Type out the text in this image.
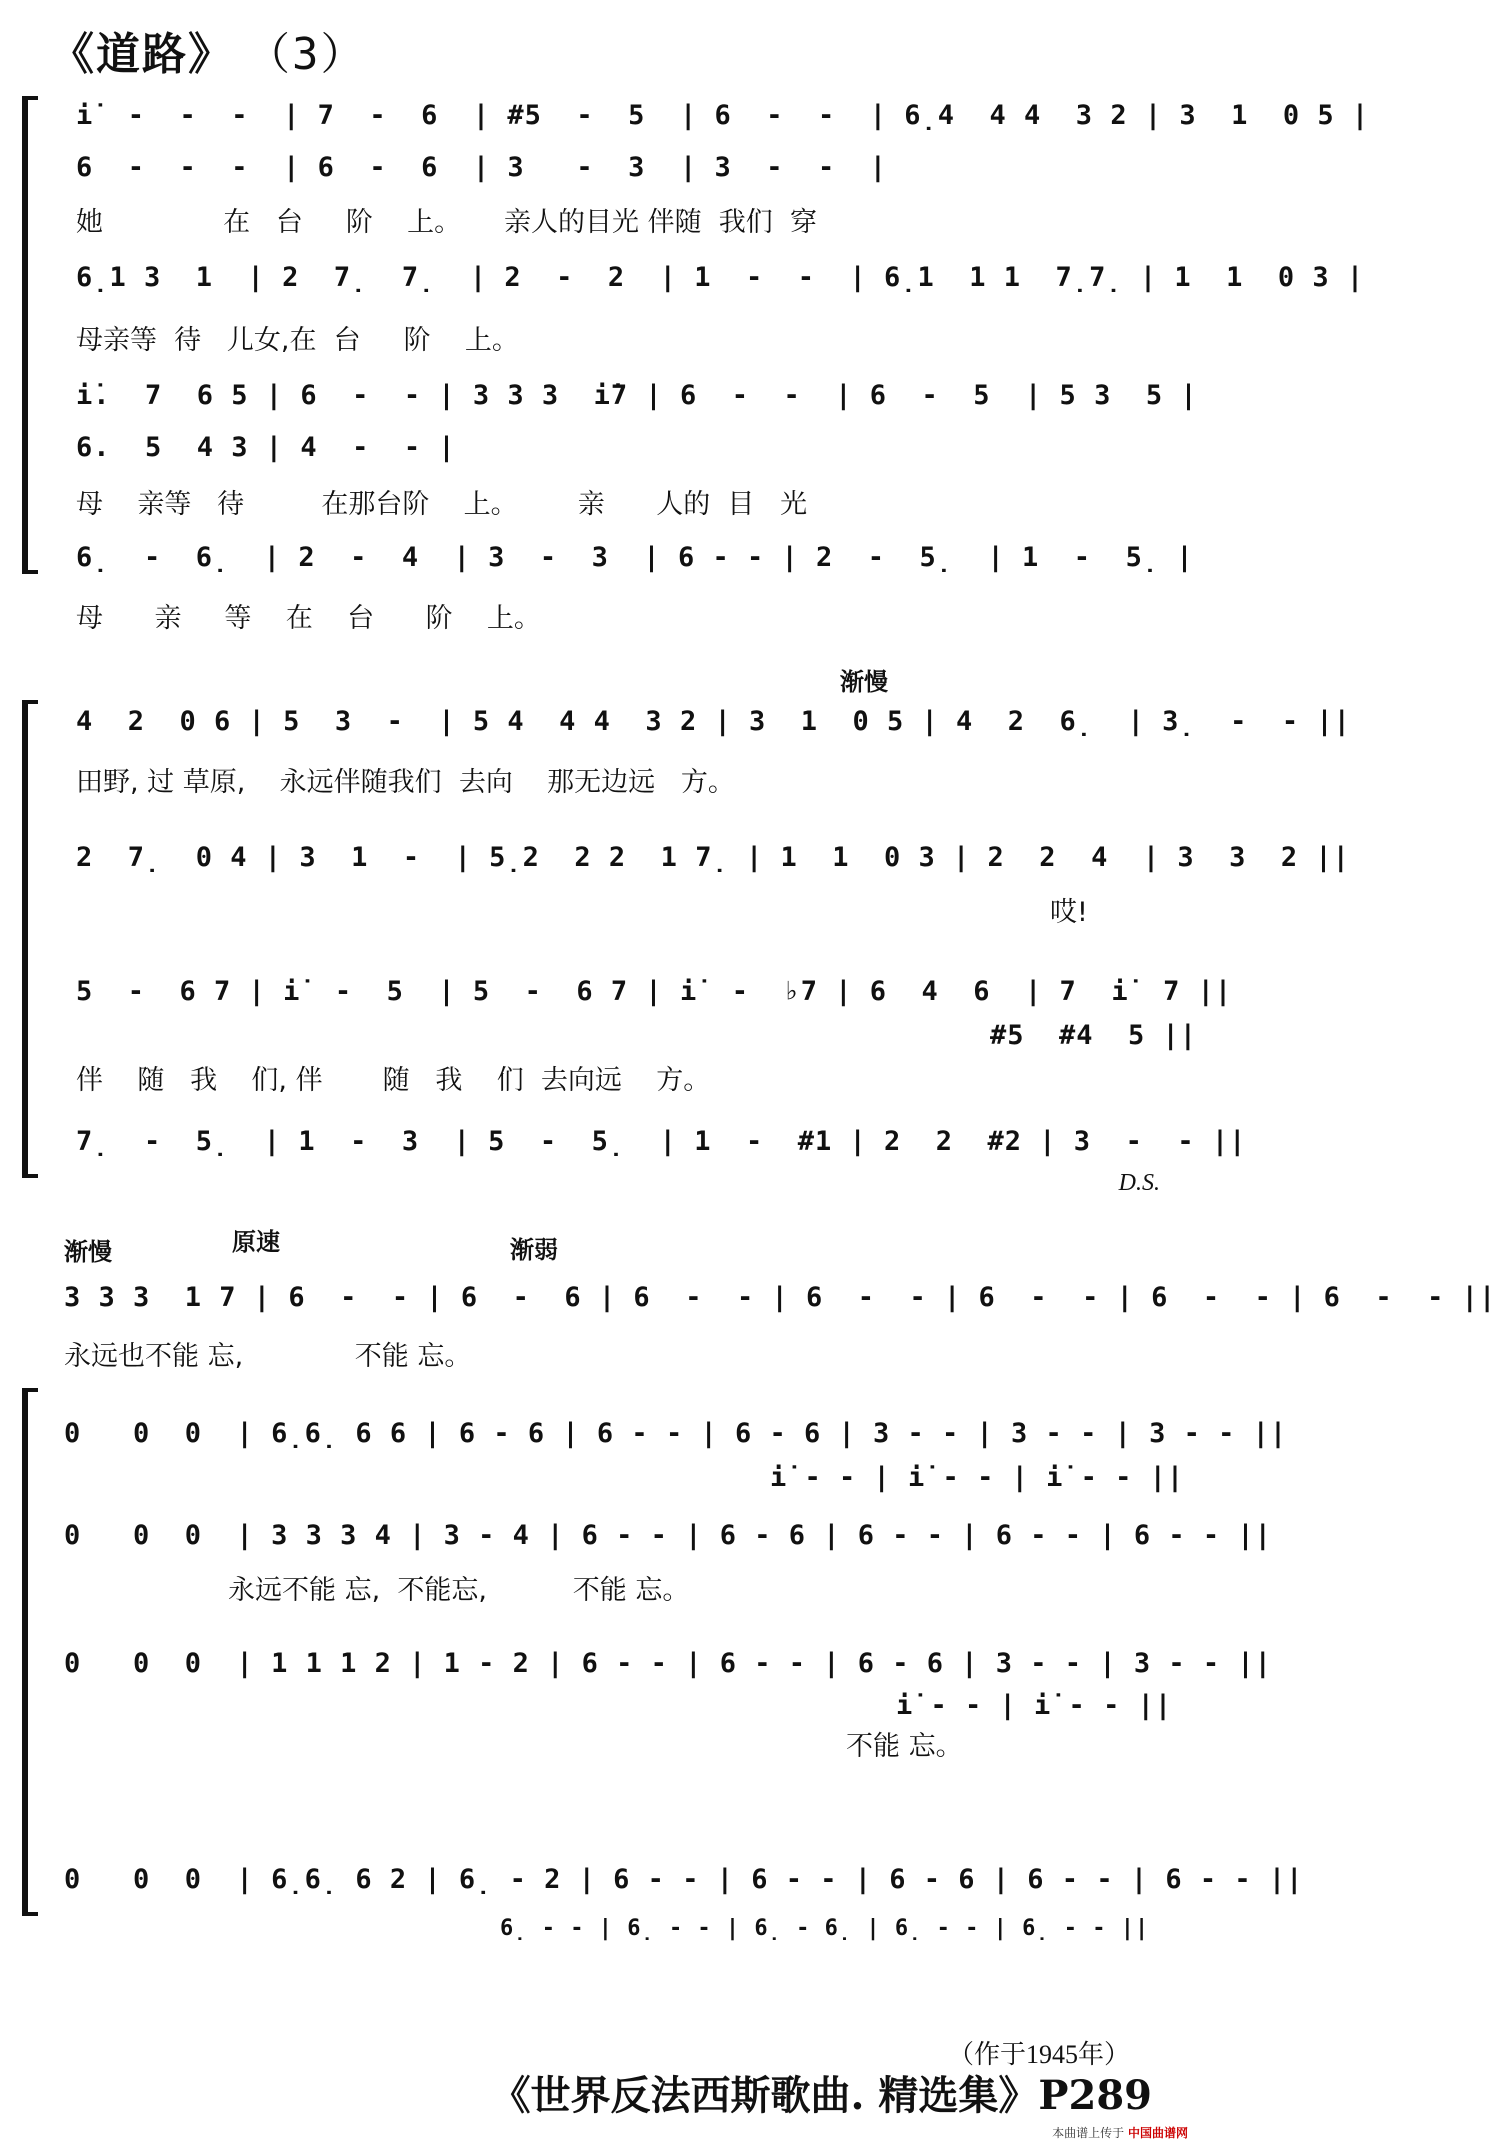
《道路》 （3）
i̇  -  -  -  | 7  -  6  | #5  -  5  | 6  -  -  | 6̣4  4 4  3 2 | 3  1  0 5 |
6  -  -  -  | 6  -  6  | 3   -  3  | 3  -  -  |
她              在   台     阶    上。     亲人的目光 伴随  我们  穿
6̣1 3  1  | 2  7̣  7̣  | 2  -  2  | 1  -  -  | 6̣1  1 1  7̣7̣ | 1  1  0 3 |
母亲等  待   儿女,在  台     阶    上。
i̇.  7  6 5 | 6  -  - | 3 3 3  i̇7 | 6  -  -  | 6  -  5  | 5 3  5 |
6.  5  4 3 | 4  -  - |
母    亲等   待         在那台阶    上。       亲      人的  目   光
6̣  -  6̣  | 2  -  4  | 3  -  3  | 6 - - | 2  -  5̣  | 1  -  5̣ |
母      亲     等    在    台      阶    上。
渐慢
4  2  0 6 | 5  3  -  | 5 4  4 4  3 2 | 3  1  0 5 | 4  2  6̣  | 3̣  -  - ||
田野, 过 草原,    永远伴随我们  去向    那无边远   方。
2  7̣  0 4 | 3  1  -  | 5̣2  2 2  1 7̣ | 1  1  0 3 | 2  2  4  | 3  3  2 ||
哎!
5  -  6 7 | i̇  -  5  | 5  -  6 7 | i̇  -  ♭7 | 6  4  6  | 7  i̇  7 ||
#5  #4  5 ||
伴    随   我    们, 伴       随   我    们  去向远    方。
7̣  -  5̣  | 1  -  3  | 5  -  5̣  | 1  -  #1 | 2  2  #2 | 3  -  - ||
D.S.
渐慢	原速	渐弱
3 3 3  1 7 | 6  -  - | 6  -  6 | 6  -  - | 6  -  - | 6  -  - | 6  -  - | 6  -  - ||
永远也不能 忘,             不能 忘。
0   0  0  | 6̣6̣ 6 6 | 6 - 6 | 6 - - | 6 - 6 | 3 - - | 3 - - | 3 - - ||
i̇ - - | i̇ - - | i̇ - - ||
0   0  0  | 3 3 3 4 | 3 - 4 | 6 - - | 6 - 6 | 6 - - | 6 - - | 6 - - ||
永远不能 忘,  不能忘,          不能 忘。
0   0  0  | 1 1 1 2 | 1 - 2 | 6 - - | 6 - - | 6 - 6 | 3 - - | 3 - - ||
i̇ - - | i̇ - - ||
不能 忘。
0   0  0  | 6̣6̣ 6 2 | 6̣ - 2 | 6 - - | 6 - - | 6 - 6 | 6 - - | 6 - - ||
6̣ - - | 6̣ - - | 6̣ - 6̣ | 6̣ - - | 6̣ - - ||
（作于1945年）
《世界反法西斯歌曲. 精选集》P289
本曲谱上传于 中国曲谱网
